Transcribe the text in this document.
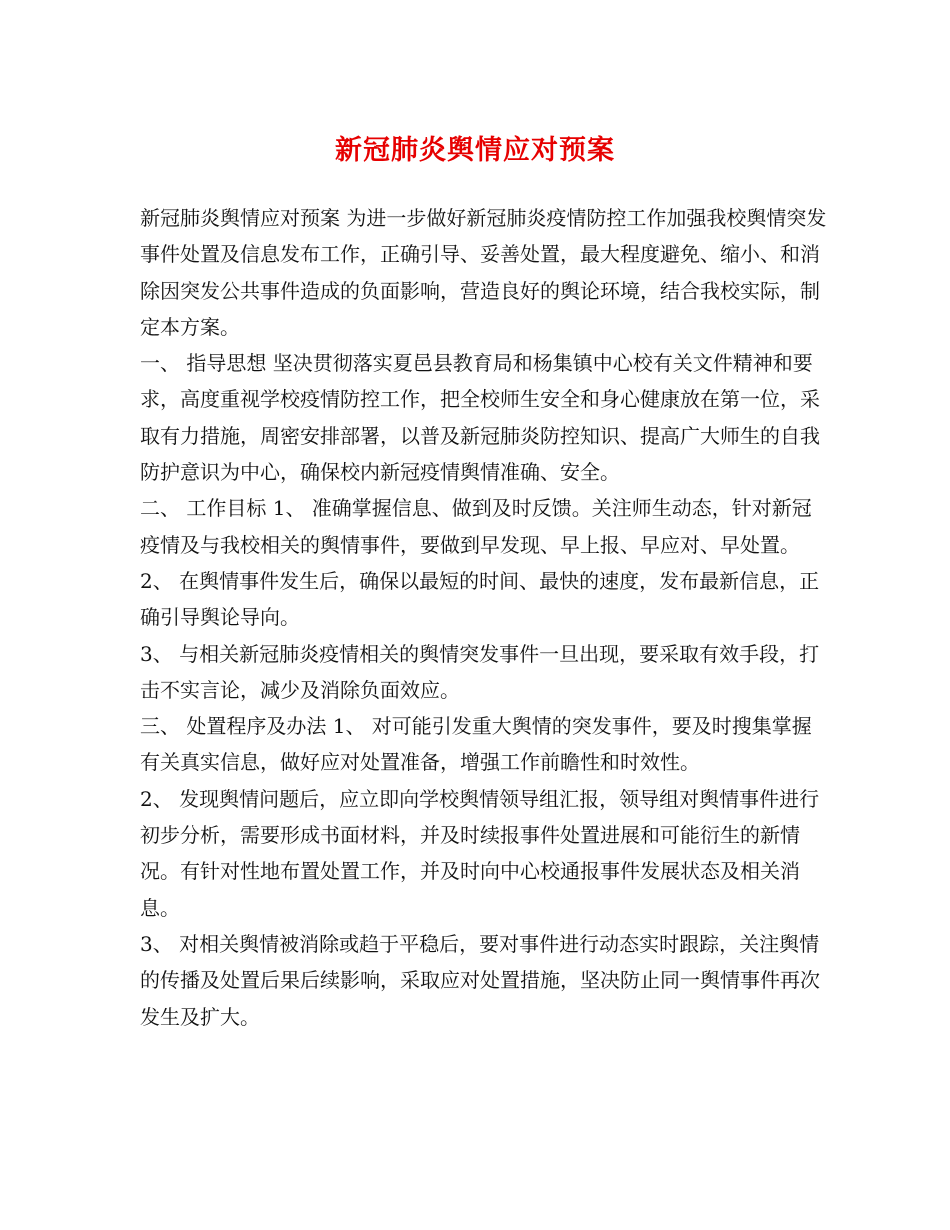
新冠肺炎舆情应对预案

新冠肺炎舆情应对预案 为进一步做好新冠肺炎疫情防控工作加强我校舆情突发事件处置及信息发布工作，正确引导、妥善处置，最大程度避免、缩小、和消除因突发公共事件造成的负面影响，营造良好的舆论环境，结合我校实际，制定本方案。

一、 指导思想 坚决贯彻落实夏邑县教育局和杨集镇中心校有关文件精神和要求，高度重视学校疫情防控工作，把全校师生安全和身心健康放在第一位，采取有力措施，周密安排部署，以普及新冠肺炎防控知识、提高广大师生的自我防护意识为中心，确保校内新冠疫情舆情准确、安全。

二、 工作目标 1、 准确掌握信息、做到及时反馈。关注师生动态，针对新冠疫情及与我校相关的舆情事件，要做到早发现、早上报、早应对、早处置。

2、 在舆情事件发生后，确保以最短的时间、最快的速度，发布最新信息，正确引导舆论导向。

3、 与相关新冠肺炎疫情相关的舆情突发事件一旦出现，要采取有效手段，打击不实言论，减少及消除负面效应。

三、 处置程序及办法 1、 对可能引发重大舆情的突发事件，要及时搜集掌握有关真实信息，做好应对处置准备，增强工作前瞻性和时效性。

2、 发现舆情问题后，应立即向学校舆情领导组汇报，领导组对舆情事件进行初步分析，需要形成书面材料，并及时续报事件处置进展和可能衍生的新情况。有针对性地布置处置工作，并及时向中心校通报事件发展状态及相关消息。

3、 对相关舆情被消除或趋于平稳后，要对事件进行动态实时跟踪，关注舆情的传播及处置后果后续影响，采取应对处置措施，坚决防止同一舆情事件再次发生及扩大。
